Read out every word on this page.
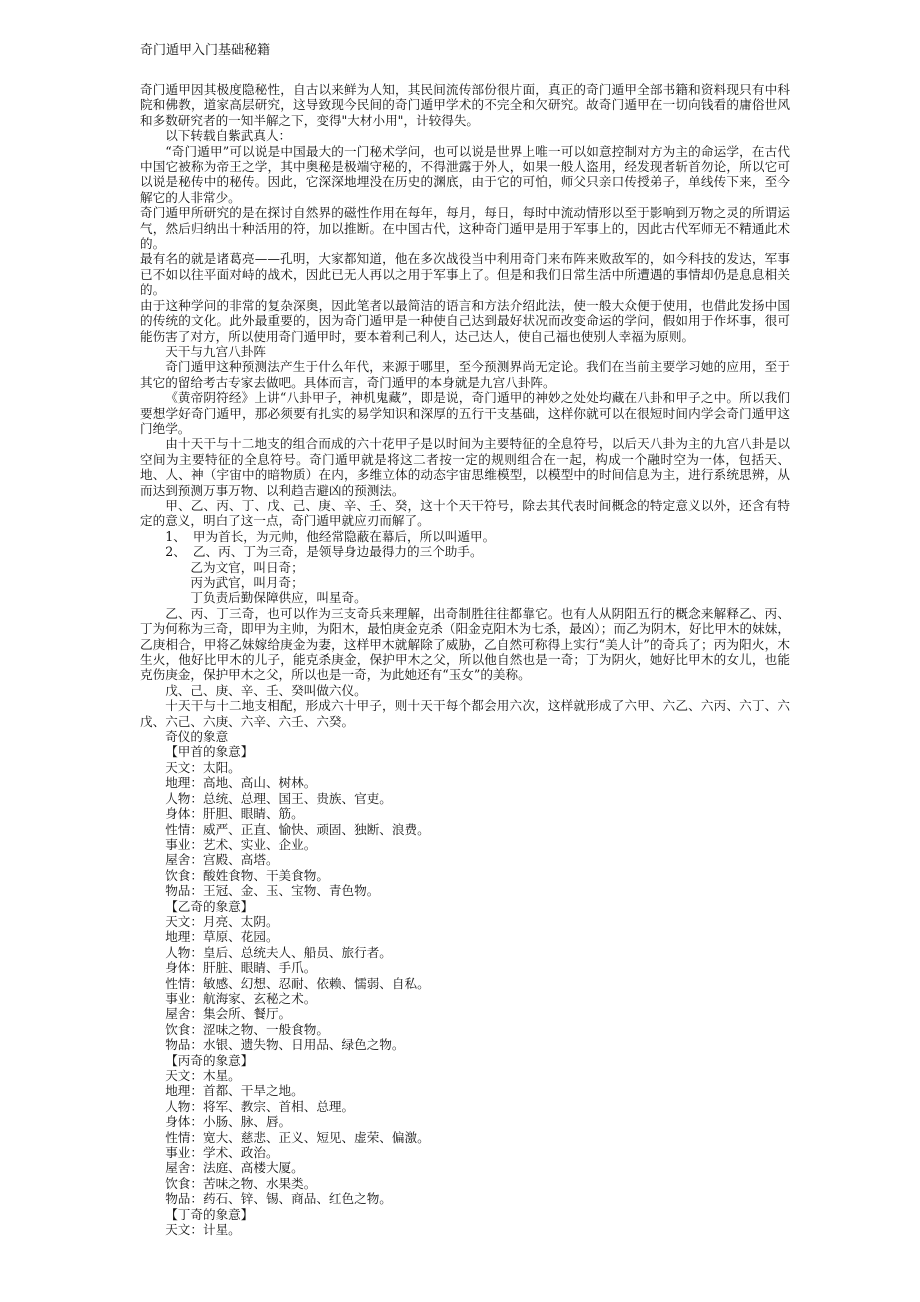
奇门遁甲入门基础秘籍

奇门遁甲因其极度隐秘性，自古以来鲜为人知，其民间流传部份很片面，真正的奇门遁甲全部书籍和资料现只有中科院和佛教，道家高层研究，这导致现今民间的奇门遁甲学术的不完全和欠研究。故奇门遁甲在一切向钱看的庸俗世风和多数研究者的一知半解之下，变得"大材小用"，计较得失。

以下转载自紫武真人：

“奇门遁甲”可以说是中国最大的一门秘术学问，也可以说是世界上唯一可以如意控制对方为主的命运学，在古代中国它被称为帝王之学，其中奥秘是极端守秘的，不得泄露于外人，如果一般人盗用，经发现者斩首勿论，所以它可以说是秘传中的秘传。因此，它深深地埋没在历史的渊底，由于它的可怕，师父只亲口传授弟子，单线传下来，至今解它的人非常少。

奇门遁甲所研究的是在探讨自然界的磁性作用在每年，每月，每日，每时中流动情形以至于影响到万物之灵的所谓运气，然后归纳出十种活用的符，加以推断。在中国古代，这种奇门遁甲是用于军事上的，因此古代军师无不精通此术的。

最有名的就是诸葛亮——孔明，大家都知道，他在多次战役当中利用奇门来布阵来败敌军的，如今科技的发达，军事已不如以往平面对峙的战术，因此已无人再以之用于军事上了。但是和我们日常生活中所遭遇的事情却仍是息息相关的。

由于这种学问的非常的复杂深奥，因此笔者以最简洁的语言和方法介绍此法，使一般大众便于使用，也借此发扬中国的传统的文化。此外最重要的，因为奇门遁甲是一种使自己达到最好状况而改变命运的学问，假如用于作坏事，很可能伤害了对方，所以使用奇门遁甲时，要本着利己利人，达己达人，使自己福也使别人幸福为原则。

天干与九宫八卦阵

奇门遁甲这种预测法产生于什么年代，来源于哪里，至今预测界尚无定论。我们在当前主要学习她的应用，至于其它的留给考古专家去做吧。具体而言，奇门遁甲的本身就是九宫八卦阵。

《黄帝阴符经》上讲“八卦甲子，神机鬼藏”，即是说，奇门遁甲的神妙之处处均藏在八卦和甲子之中。所以我们要想学好奇门遁甲，那必须要有扎实的易学知识和深厚的五行干支基础，这样你就可以在很短时间内学会奇门遁甲这门绝学。

由十天干与十二地支的组合而成的六十花甲子是以时间为主要特征的全息符号，以后天八卦为主的九宫八卦是以空间为主要特征的全息符号。奇门遁甲就是将这二者按一定的规则组合在一起，构成一个融时空为一体，包括天、地、人、神（宇宙中的暗物质）在内，多维立体的动态宇宙思维模型，以模型中的时间信息为主，进行系统思辨，从而达到预测万事万物、以利趋吉避凶的预测法。

甲、乙、丙、丁、戊、己、庚、辛、壬、癸，这十个天干符号，除去其代表时间概念的特定意义以外，还含有特定的意义，明白了这一点，奇门遁甲就应刃而解了。

1、 甲为首长，为元帅，他经常隐蔽在幕后，所以叫遁甲。

2、 乙、丙、丁为三奇，是领导身边最得力的三个助手。

乙为文官，叫日奇；

丙为武官，叫月奇；

丁负责后勤保障供应，叫星奇。

乙、丙、丁三奇，也可以作为三支奇兵来理解，出奇制胜往往都靠它。也有人从阴阳五行的概念来解释乙、丙、丁为何称为三奇，即甲为主帅，为阳木，最怕庚金克杀（阳金克阳木为七杀，最凶）；而乙为阴木，好比甲木的妹妹，乙庚相合，甲将乙妹嫁给庚金为妻，这样甲木就解除了威胁，乙自然可称得上实行“美人计”的奇兵了；丙为阳火，木生火，他好比甲木的儿子，能克杀庚金，保护甲木之父，所以他自然也是一奇；丁为阴火，她好比甲木的女儿，也能克伤庚金，保护甲木之父，所以也是一奇，为此她还有“玉女”的美称。

戊、己、庚、辛、壬、癸叫做六仪。

十天干与十二地支相配，形成六十甲子，则十天干每个都会用六次，这样就形成了六甲、六乙、六丙、六丁、六戊、六己、六庚、六辛、六壬、六癸。

奇仪的象意

【甲首的象意】

天文：太阳。

地理：高地、高山、树林。

人物：总统、总理、国王、贵族、官吏。

身体：肝胆、眼睛、筋。

性情：威严、正直、愉快、顽固、独断、浪费。

事业：艺术、实业、企业。

屋舍：宫殿、高塔。

饮食：酸姓食物、干美食物。

物品：王冠、金、玉、宝物、青色物。

【乙奇的象意】

天文：月亮、太阴。

地理：草原、花园。

人物：皇后、总统夫人、船员、旅行者。

身体：肝脏、眼睛、手爪。

性情：敏感、幻想、忍耐、依赖、懦弱、自私。

事业：航海家、玄秘之术。

屋舍：集会所、餐厅。

饮食：涩味之物、一般食物。

物品：水银、遗失物、日用品、绿色之物。

【丙奇的象意】

天文：木星。

地理：首都、干旱之地。

人物：将军、教宗、首相、总理。

身体：小肠、脉、唇。

性情：宽大、慈悲、正义、短见、虚荣、偏激。

事业：学术、政治。

屋舍：法庭、高楼大厦。

饮食：苦味之物、水果类。

物品：药石、锌、锡、商品、红色之物。

【丁奇的象意】

天文：计星。
